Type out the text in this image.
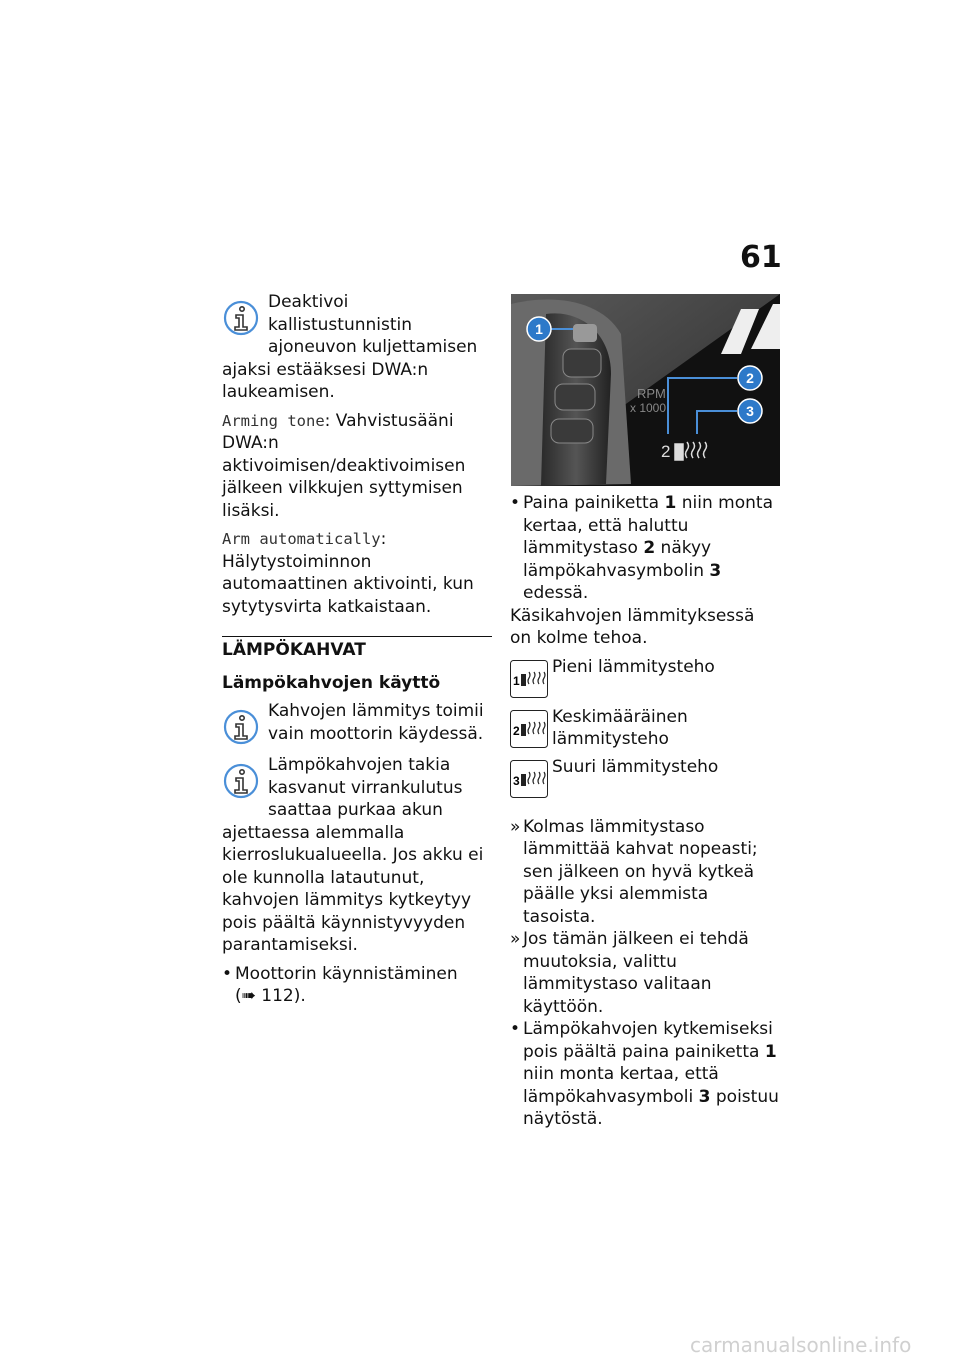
61
Deaktivoi kallistustunnistin ajoneuvon kuljettamisen ajaksi estääksesi DWA:n laukeamisen.

Arming tone: Vahvistusääni DWA:n aktivoimisen/deaktivoimisen jälkeen vilkkujen syttymisen lisäksi.

Arm automatically: Hälytystoiminnon automaattinen aktivointi, kun sytytysvirta katkaistaan.

LÄMPÖKAHVAT
Lämpökahvojen käyttö
Kahvojen lämmitys toimii vain moottorin käydessä.
Lämpökahvojen takia kasvanut virrankulutus saattaa purkaa akun ajettaessa alemmalla kierroslukualueella. Jos akku ei ole kunnolla latautunut, kahvojen lämmitys kytkeytyy pois päältä käynnistyvyyden parantamiseksi.

• Moottorin käynnistäminen
(➠ 112).

1
2
3
RPM
x 1000
2

• Paina painiketta 1 niin monta kertaa, että haluttu lämmitystaso 2 näkyy lämpökahvasymbolin 3 edessä.

Käsikahvojen lämmityksessä on kolme tehoa.

1
Pieni lämmitysteho
2
Keskimääräinen lämmitysteho
3
Suuri lämmitysteho

» Kolmas lämmitystaso lämmittää kahvat nopeasti; sen jälkeen on hyvä kytkeä päälle yksi alemmista tasoista.

» Jos tämän jälkeen ei tehdä muutoksia, valittu lämmitystaso valitaan käyttöön.

• Lämpökahvojen kytkemiseksi pois päältä paina painiketta 1 niin monta kertaa, että lämpökahvasymboli 3 poistuu näytöstä.

carmanualsonline.info
